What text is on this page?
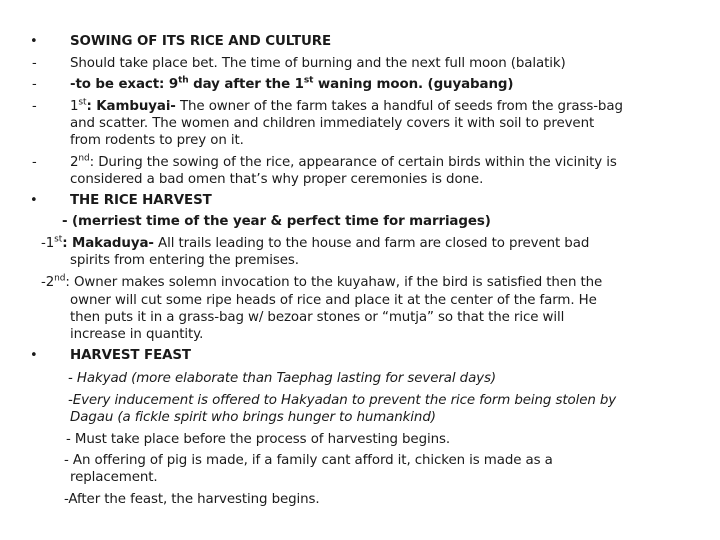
• SOWING OF ITS RICE AND CULTURE
- Should take place bet. The time of burning and the next full moon (balatik)
- -to be exact: 9th day after the 1st waning moon. (guyabang)
- 1st: Kambuyai- The owner of the farm takes a handful of seeds from the grass-bag
and scatter. The women and children immediately covers it with soil to prevent
from rodents to prey on it.
- 2nd: During the sowing of the rice, appearance of certain birds within the vicinity is
considered a bad omen that’s why proper ceremonies is done.
• THE RICE HARVEST
- (merriest time of the year & perfect time for marriages)
-1st: Makaduya- All trails leading to the house and farm are closed to prevent bad
spirits from entering the premises.
-2nd: Owner makes solemn invocation to the kuyahaw, if the bird is satisfied then the
owner will cut some ripe heads of rice and place it at the center of the farm. He
then puts it in a grass-bag w/ bezoar stones or “mutja” so that the rice will
increase in quantity.
• HARVEST FEAST
- Hakyad (more elaborate than Taephag lasting for several days)
-Every inducement is offered to Hakyadan to prevent the rice form being stolen by
Dagau (a fickle spirit who brings hunger to humankind)
- Must take place before the process of harvesting begins.
- An offering of pig is made, if a family cant afford it, chicken is made as a
replacement.
-After the feast, the harvesting begins.
